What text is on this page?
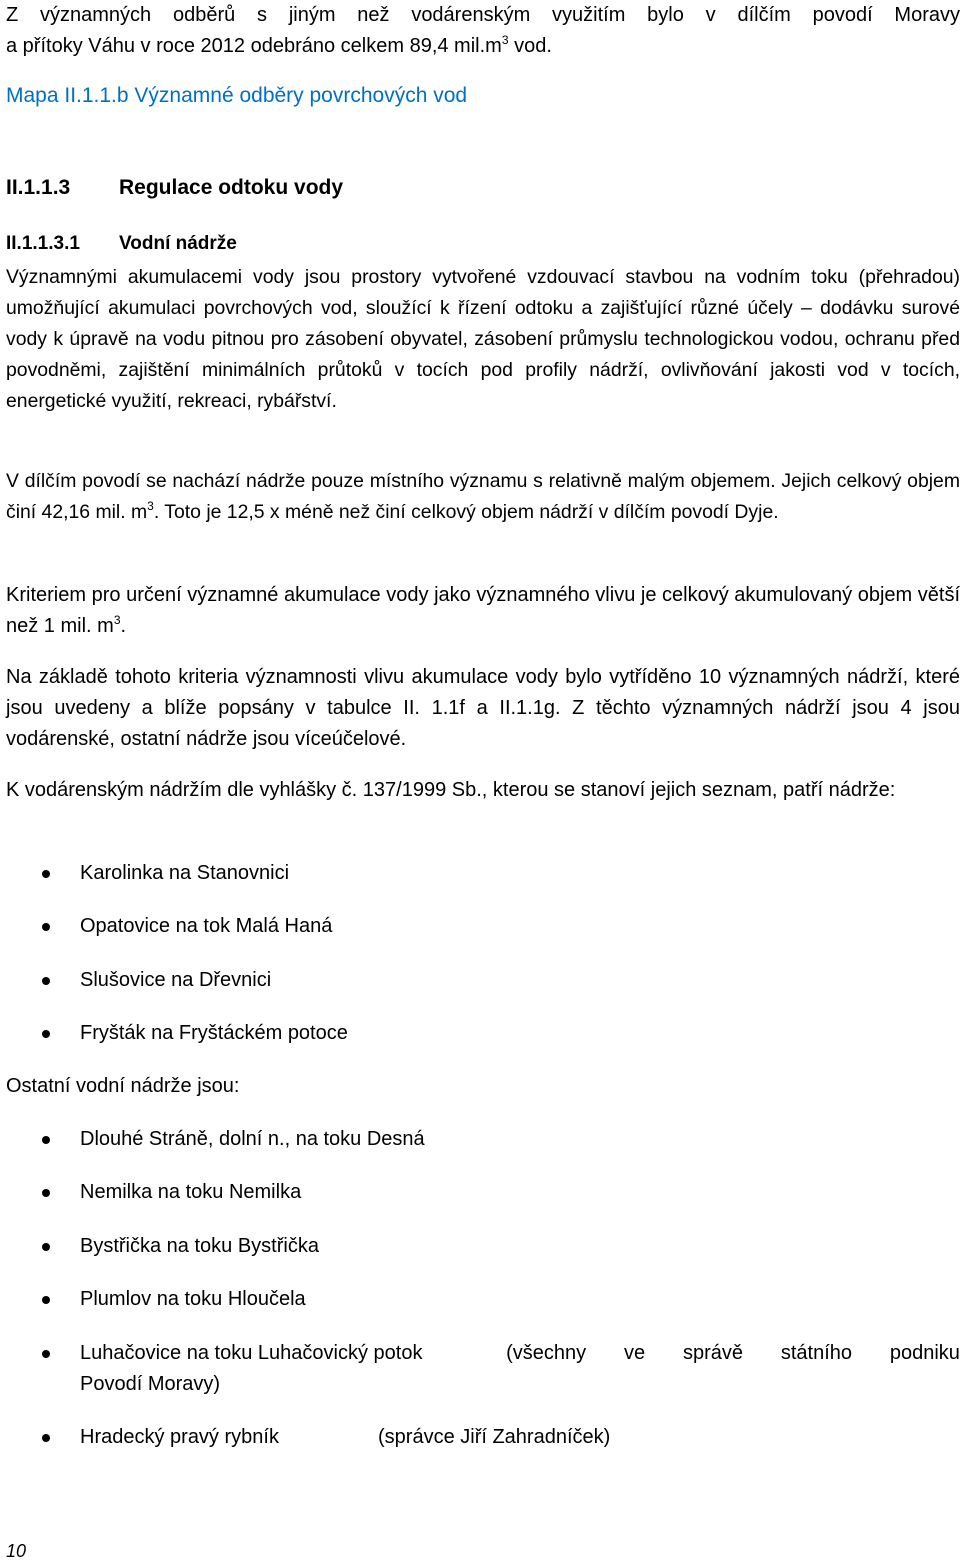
Z významných odběrů s jiným než vodárenským využitím bylo v dílčím povodí Moravy
a přítoky Váhu v roce 2012 odebráno celkem 89,4 $mil.m^3$ vod.
Mapa II.1.1.b Významné odběry povrchových vod
II.1.1.3 Regulace odtoku vody
II.1.1.3.1 Vodní nádrže
Významnými akumulacemi vody jsou prostory vytvořené vzdouvací stavbou na vodním toku (přehradou) umožňující akumulaci povrchových vod, sloužící k řízení odtoku a zajišťující různé účely – dodávku surové vody k úpravě na vodu pitnou pro zásobení obyvatel, zásobení průmyslu technologickou vodou, ochranu před povodněmi, zajištění minimálních průtoků v tocích pod profily nádrží, ovlivňování jakosti vod v tocích, energetické využití, rekreaci, rybářství.
V dílčím povodí se nachází nádrže pouze místního významu s relativně malým objemem. Jejich celkový objem činí 42,16 mil. $m^3$. Toto je 12,5 x méně než činí celkový objem nádrží v dílčím povodí Dyje.
Kriteriem pro určení významné akumulace vody jako významného vlivu je celkový akumulovaný objem větší než 1 mil. $m^3$.
Na základě tohoto kriteria významnosti vlivu akumulace vody bylo vytříděno 10 významných nádrží, které jsou uvedeny a blíže popsány v tabulce II. 1.1f a II.1.1g. Z těchto významných nádrží jsou 4 jsou vodárenské, ostatní nádrže jsou víceúčelové.
K vodárenským nádržím dle vyhlášky č. 137/1999 Sb., kterou se stanoví jejich seznam, patří nádrže:
Karolinka na Stanovnici
Opatovice na tok Malá Haná
Slušovice na Dřevnici
Fryšták na Fryštáckém potoce
Ostatní vodní nádrže jsou:
Dlouhé Stráně, dolní n., na toku Desná
Nemilka na toku Nemilka
Bystřička na toku Bystřička
Plumlov na toku Hloučela
Luhačovice na toku Luhačovický potok	(všechny ve správě státního podniku
Povodí Moravy)
Hradecký pravý rybník	(správce Jiří Zahradníček)
10
